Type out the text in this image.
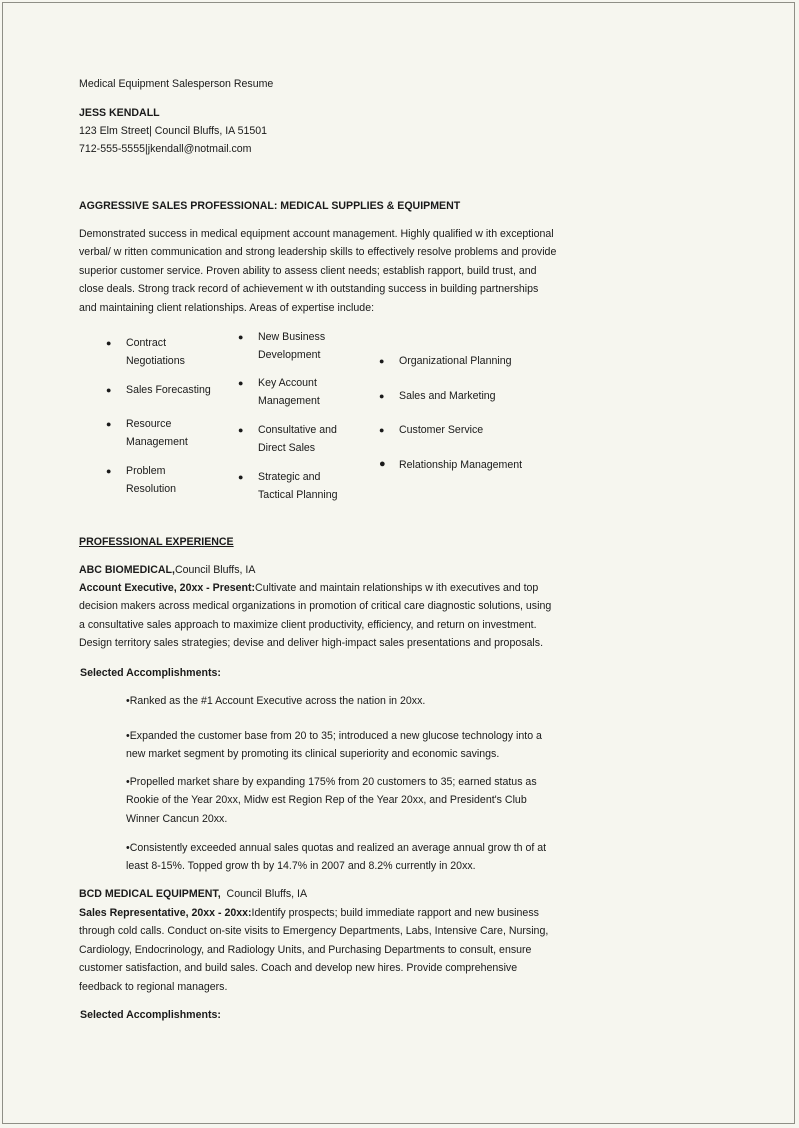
Medical Equipment Salesperson Resume
JESS KENDALL
123 Elm Street| Council Bluffs, IA 51501
712-555-5555|jkendall@notmail.com
AGGRESSIVE SALES PROFESSIONAL: MEDICAL SUPPLIES & EQUIPMENT
Demonstrated success in medical equipment account management. Highly qualified w ith exceptional
verbal/ w ritten communication and strong leadership skills to effectively resolve problems and provide
superior customer service. Proven ability to assess client needs; establish rapport, build trust, and
close deals. Strong track record of achievement w ith outstanding success in building partnerships
and maintaining client relationships. Areas of expertise include:
● Contract
Negotiations
● Sales Forecasting
● Resource
Management
● Problem
Resolution
● New Business
Development
● Key Account
Management
● Consultative and
Direct Sales
● Strategic and
Tactical Planning
● Organizational Planning
● Sales and Marketing
● Customer Service
● Relationship Management
PROFESSIONAL EXPERIENCE
ABC BIOMEDICAL,Council Bluffs, IA
Account Executive, 20xx - Present:Cultivate and maintain relationships w ith executives and top
decision makers across medical organizations in promotion of critical care diagnostic solutions, using
a consultative sales approach to maximize client productivity, efficiency, and return on investment.
Design territory sales strategies; devise and deliver high-impact sales presentations and proposals.
Selected Accomplishments:
•Ranked as the #1 Account Executive across the nation in 20xx.
•Expanded the customer base from 20 to 35; introduced a new glucose technology into a
new market segment by promoting its clinical superiority and economic savings.
•Propelled market share by expanding 175% from 20 customers to 35; earned status as
Rookie of the Year 20xx, Midw est Region Rep of the Year 20xx, and President's Club
Winner Cancun 20xx.
•Consistently exceeded annual sales quotas and realized an average annual grow th of at
least 8-15%. Topped grow th by 14.7% in 2007 and 8.2% currently in 20xx.
BCD MEDICAL EQUIPMENT, Council Bluffs, IA
Sales Representative, 20xx - 20xx:Identify prospects; build immediate rapport and new business
through cold calls. Conduct on-site visits to Emergency Departments, Labs, Intensive Care, Nursing,
Cardiology, Endocrinology, and Radiology Units, and Purchasing Departments to consult, ensure
customer satisfaction, and build sales. Coach and develop new hires. Provide comprehensive
feedback to regional managers.
Selected Accomplishments:
